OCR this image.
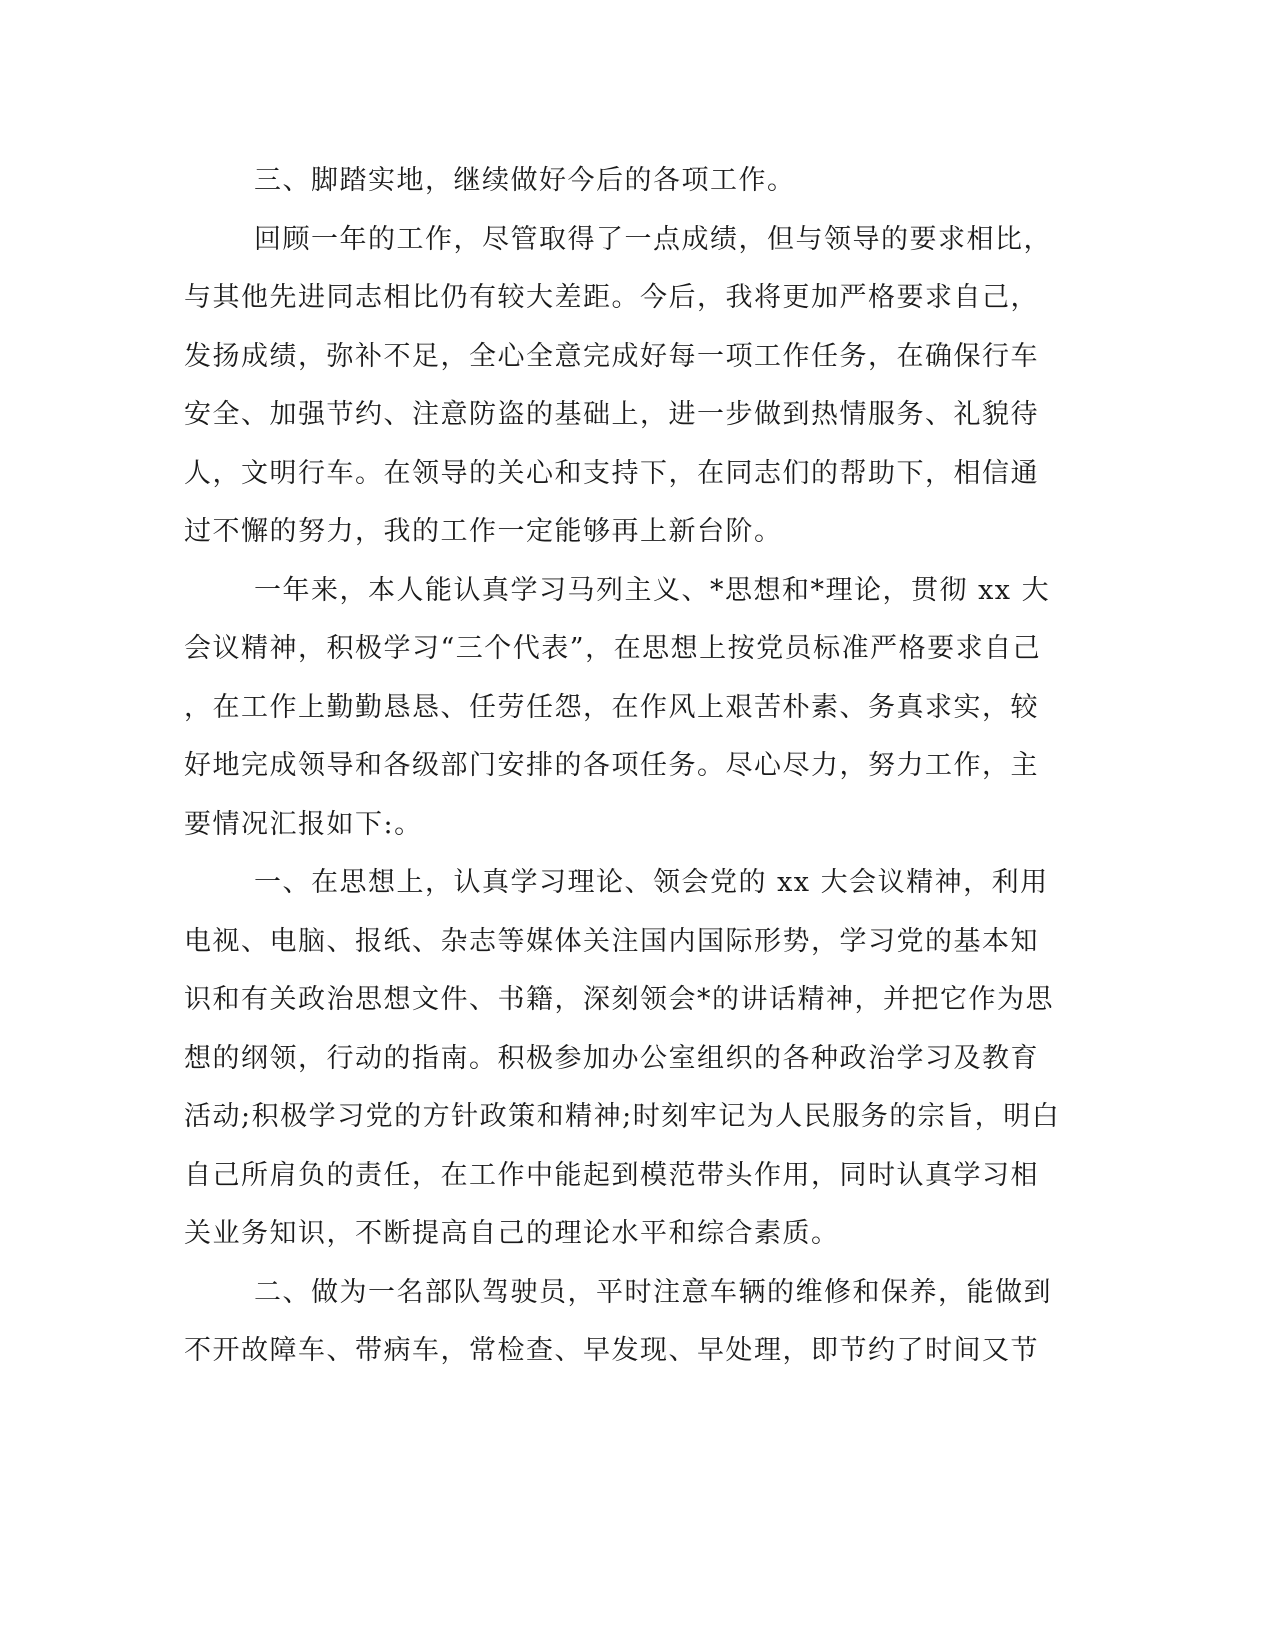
三、脚踏实地，继续做好今后的各项工作。
回顾一年的工作，尽管取得了一点成绩，但与领导的要求相比，
与其他先进同志相比仍有较大差距。今后，我将更加严格要求自己，
发扬成绩，弥补不足，全心全意完成好每一项工作任务，在确保行车
安全、加强节约、注意防盗的基础上，进一步做到热情服务、礼貌待
人，文明行车。在领导的关心和支持下，在同志们的帮助下，相信通
过不懈的努力，我的工作一定能够再上新台阶。
一年来，本人能认真学习马列主义、*思想和*理论，贯彻 xx 大
会议精神，积极学习“三个代表”，在思想上按党员标准严格要求自己
，在工作上勤勤恳恳、任劳任怨，在作风上艰苦朴素、务真求实，较
好地完成领导和各级部门安排的各项任务。尽心尽力，努力工作，主
要情况汇报如下:。
一、在思想上，认真学习理论、领会党的 xx 大会议精神，利用
电视、电脑、报纸、杂志等媒体关注国内国际形势，学习党的基本知
识和有关政治思想文件、书籍，深刻领会*的讲话精神，并把它作为思
想的纲领，行动的指南。积极参加办公室组织的各种政治学习及教育
活动;积极学习党的方针政策和精神;时刻牢记为人民服务的宗旨，明白
自己所肩负的责任，在工作中能起到模范带头作用，同时认真学习相
关业务知识，不断提高自己的理论水平和综合素质。
二、做为一名部队驾驶员，平时注意车辆的维修和保养，能做到
不开故障车、带病车，常检查、早发现、早处理，即节约了时间又节
